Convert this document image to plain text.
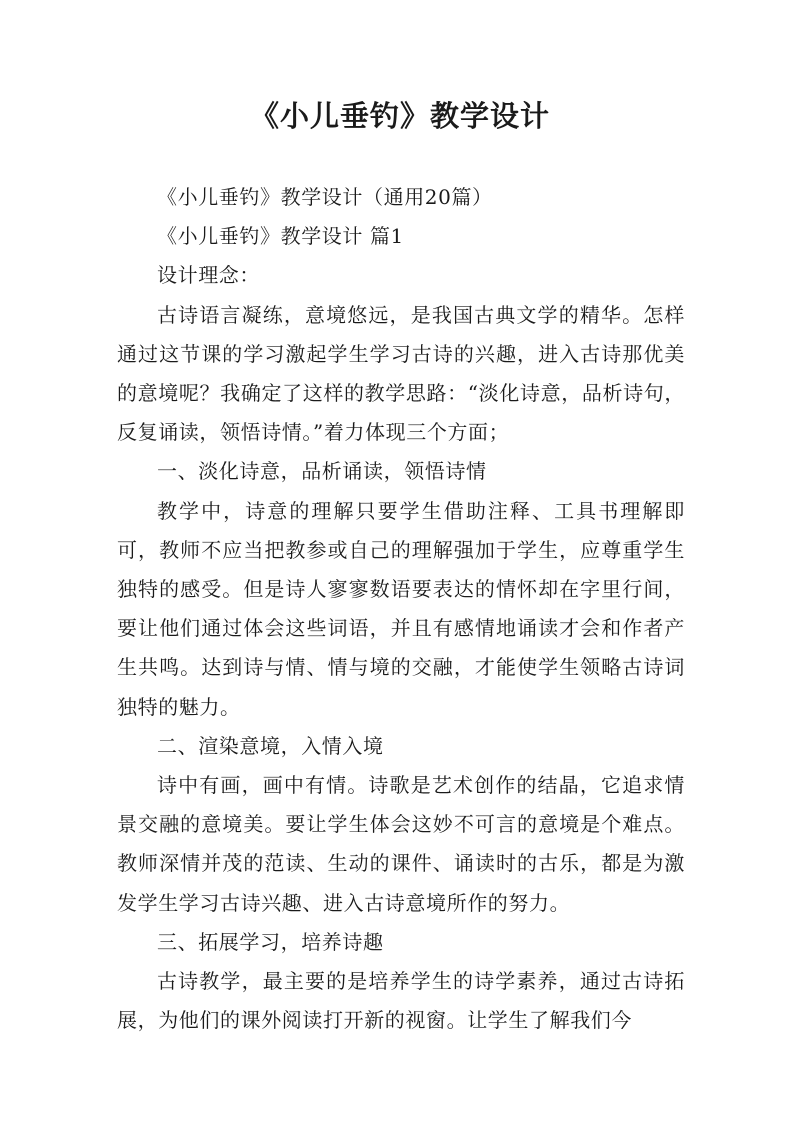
《小儿垂钓》教学设计

《小儿垂钓》教学设计（通用20篇）

《小儿垂钓》教学设计 篇1

设计理念：

古诗语言凝练，意境悠远，是我国古典文学的精华。怎样通过这节课的学习激起学生学习古诗的兴趣，进入古诗那优美的意境呢？我确定了这样的教学思路：“淡化诗意，品析诗句，反复诵读，领悟诗情。”着力体现三个方面；

一、淡化诗意，品析诵读，领悟诗情

教学中，诗意的理解只要学生借助注释、工具书理解即可，教师不应当把教参或自己的理解强加于学生，应尊重学生独特的感受。但是诗人寥寥数语要表达的情怀却在字里行间，要让他们通过体会这些词语，并且有感情地诵读才会和作者产生共鸣。达到诗与情、情与境的交融，才能使学生领略古诗词独特的魅力。

二、渲染意境，入情入境

诗中有画，画中有情。诗歌是艺术创作的结晶，它追求情景交融的意境美。要让学生体会这妙不可言的意境是个难点。教师深情并茂的范读、生动的课件、诵读时的古乐，都是为激发学生学习古诗兴趣、进入古诗意境所作的努力。

三、拓展学习，培养诗趣

古诗教学，最主要的是培养学生的诗学素养，通过古诗拓展，为他们的课外阅读打开新的视窗。让学生了解我们今
